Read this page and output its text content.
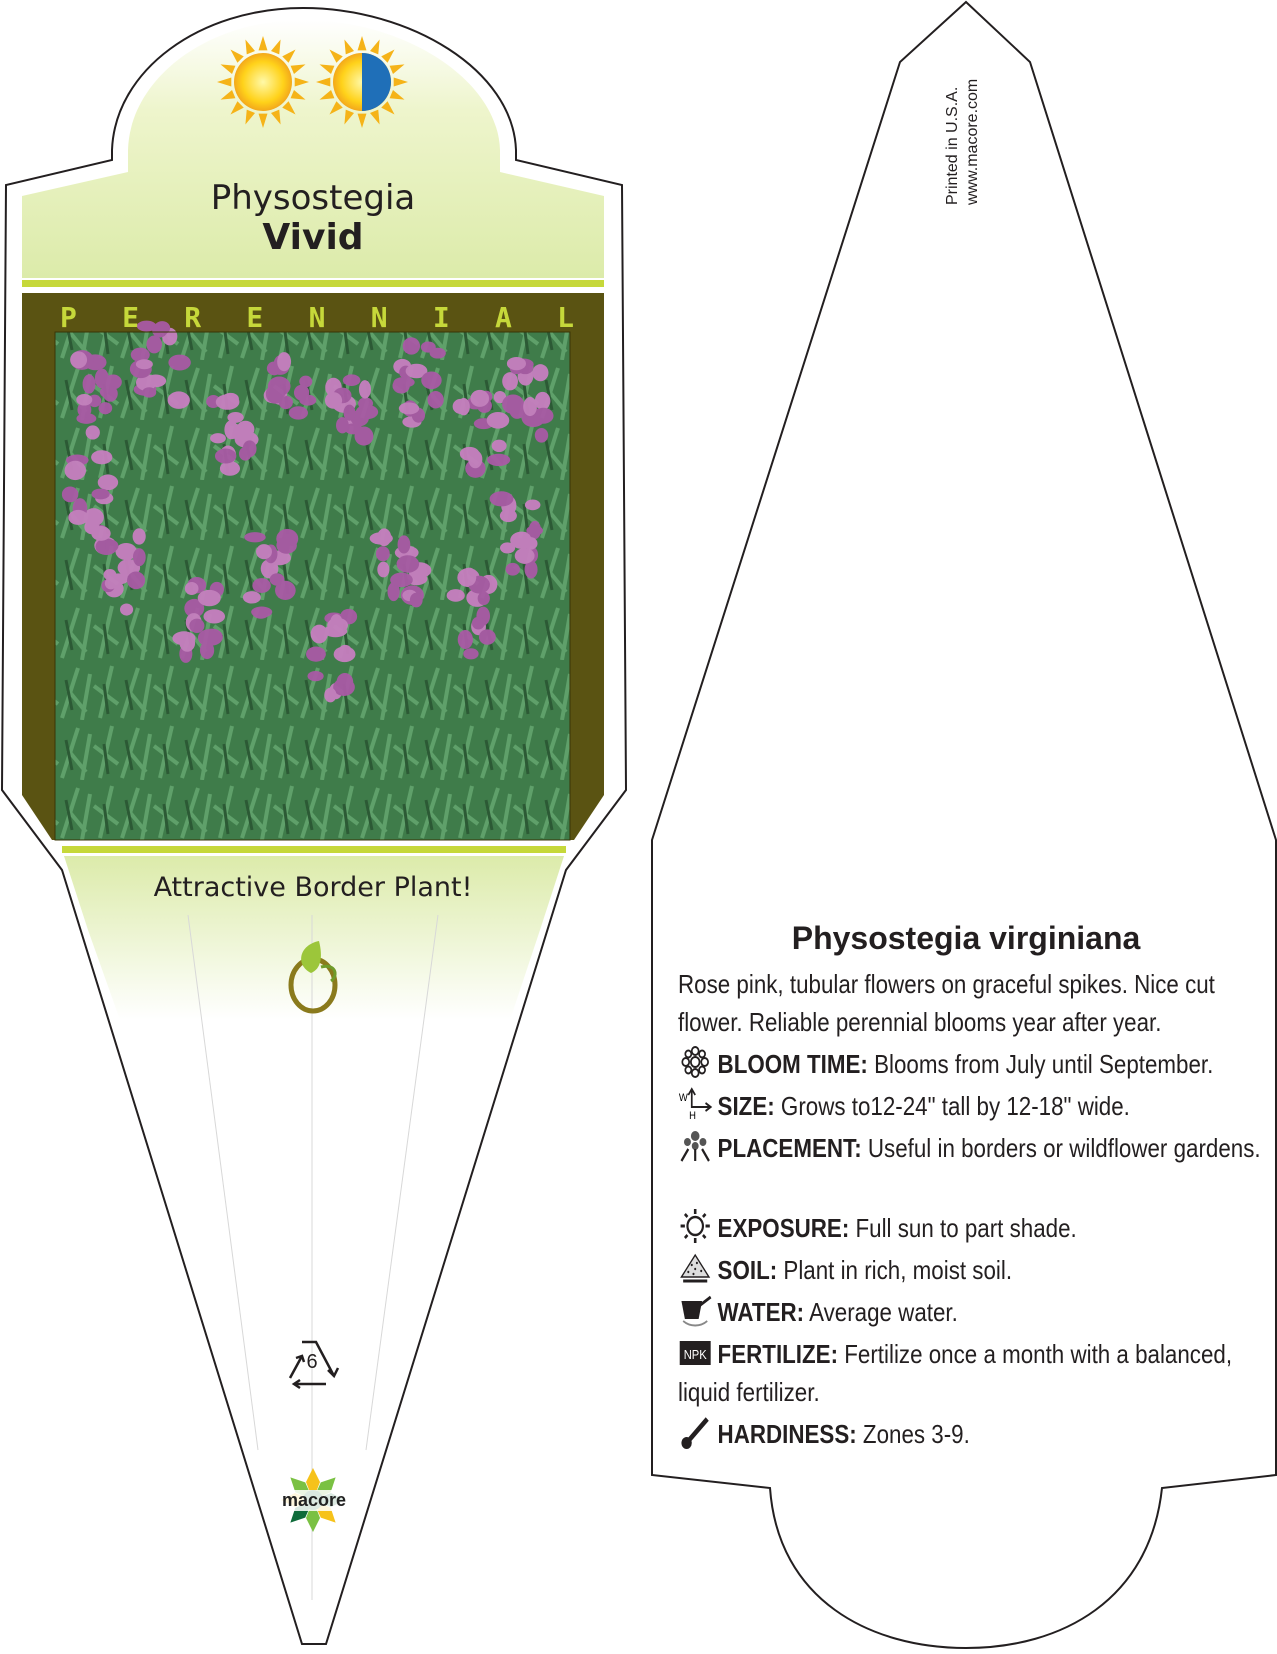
Physostegia
Vivid
P E R E N N I A L
Attractive Border Plant!
6
macore
Printed in U.S.A. www.macore.com
Physostegia virginiana
Rose pink, tubular flowers on graceful spikes. Nice cut flower. Reliable perennial blooms year after year.
BLOOM TIME: Blooms from July until September.
W
H SIZE: Grows to12-24" tall by 12-18" wide.
PLACEMENT: Useful in borders or wildflower gardens.
EXPOSURE: Full sun to part shade.
SOIL: Plant in rich, moist soil.
WATER: Average water.
NPK FERTILIZE: Fertilize once a month with a balanced, liquid fertilizer.
HARDINESS: Zones 3-9.
